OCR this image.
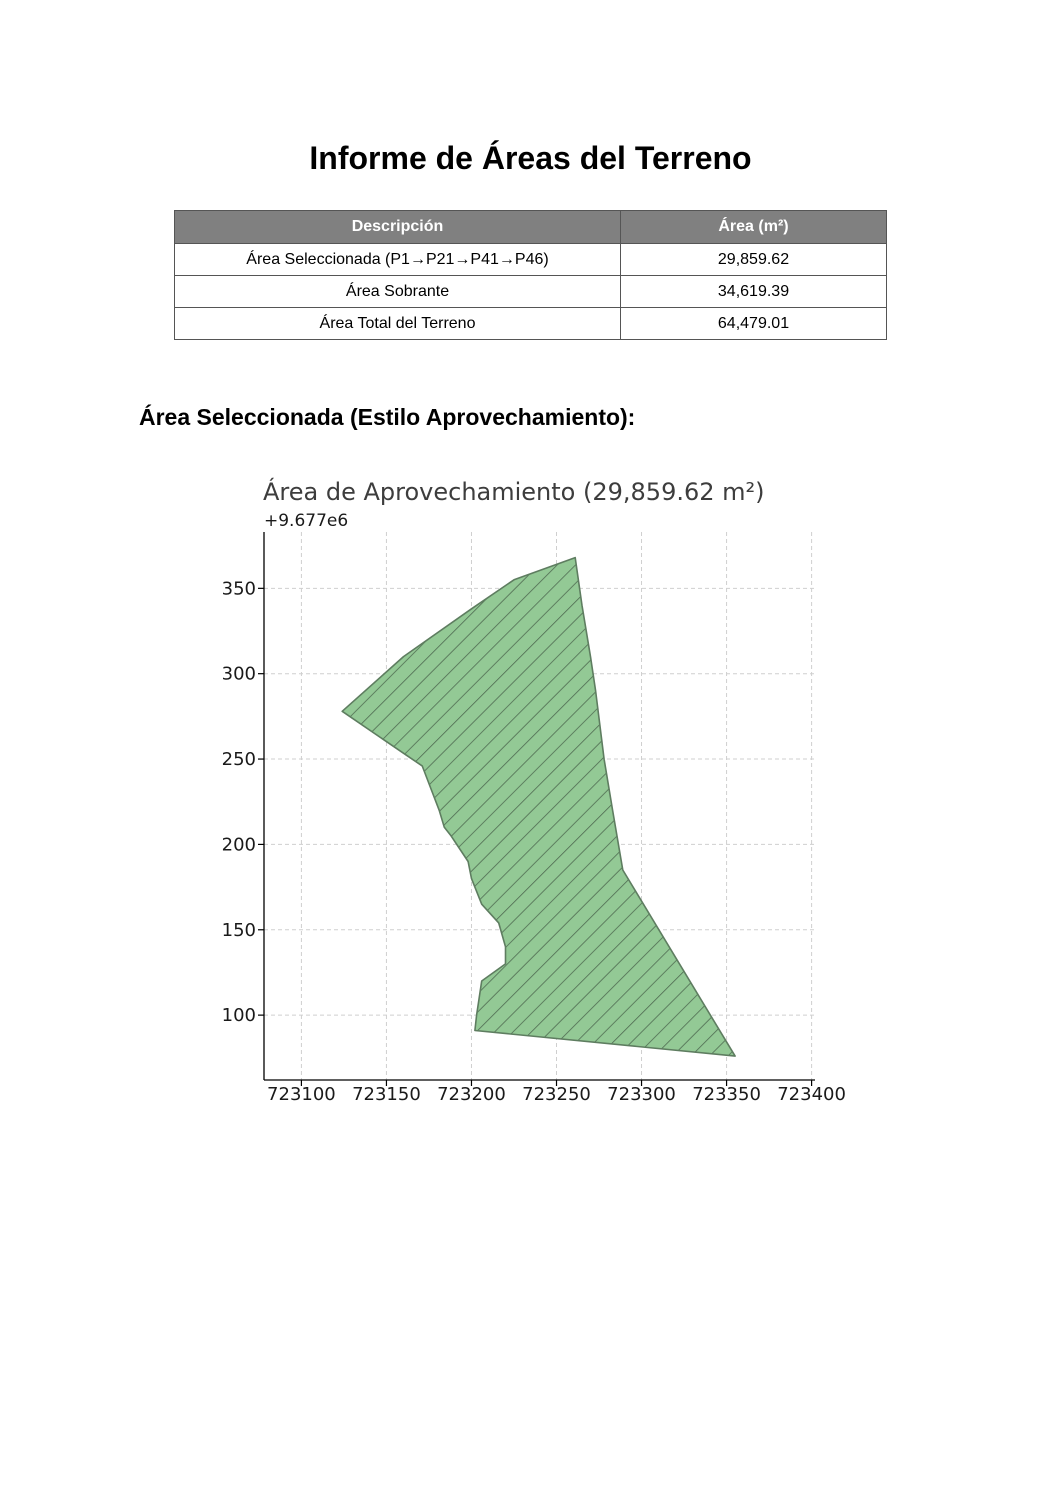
Informe de Áreas del Terreno
Descripción	Área (m²)
Área Seleccionada (P1→P21→P41→P46)	29,859.62
Área Sobrante	34,619.39
Área Total del Terreno	64,479.01
Área Seleccionada (Estilo Aprovechamiento):
Área de Aprovechamiento (29,859.62 m²)
+9.677e6
723100 723150 723200 723250 723300 723350 723400
100
150
200
250
300
350
